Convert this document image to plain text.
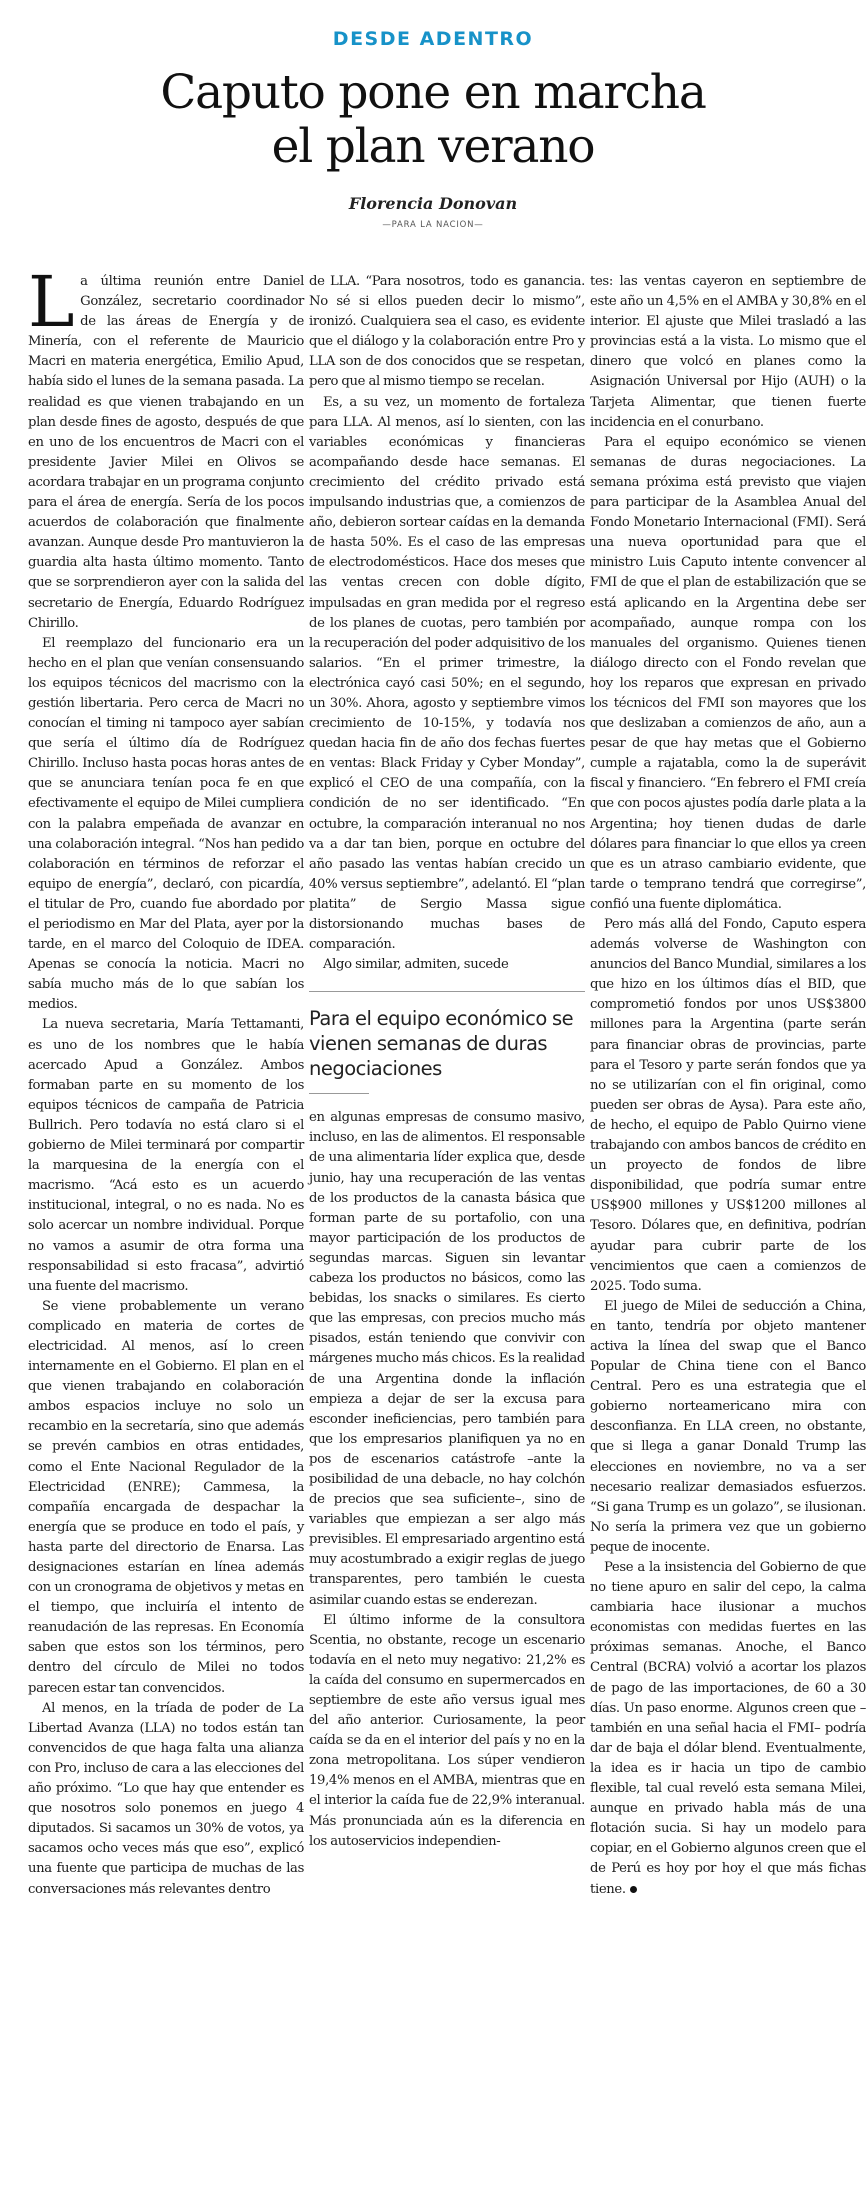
DESDE ADENTRO
Caputo pone en marcha
el plan verano
Florencia Donovan
—PARA LA NACION—

La última reunión entre Daniel González, secretario coordinador de las áreas de Energía y de Minería, con el referente de Mauricio Macri en materia energética, Emilio Apud, había sido el lunes de la semana pasada. La realidad es que vienen trabajando en un plan desde fines de agosto, después de que en uno de los encuentros de Macri con el presidente Javier Milei en Olivos se acordara trabajar en un programa conjunto para el área de energía. Sería de los pocos acuerdos de colaboración que finalmente avanzan. Aunque desde Pro mantuvieron la guardia alta hasta último momento. Tanto que se sorprendieron ayer con la salida del secretario de Energía, Eduardo Rodríguez Chirillo.

El reemplazo del funcionario era un hecho en el plan que venían consensuando los equipos técnicos del macrismo con la gestión libertaria. Pero cerca de Macri no conocían el timing ni tampoco ayer sabían que sería el último día de Rodríguez Chirillo. Incluso hasta pocas horas antes de que se anunciara tenían poca fe en que efectivamente el equipo de Milei cumpliera con la palabra empeñada de avanzar en una colaboración integral. “Nos han pedido colaboración en términos de reforzar el equipo de energía”, declaró, con picardía, el titular de Pro, cuando fue abordado por el periodismo en Mar del Plata, ayer por la tarde, en el marco del Coloquio de IDEA. Apenas se conocía la noticia. Macri no sabía mucho más de lo que sabían los medios.

La nueva secretaria, María Tettamanti, es uno de los nombres que le había acercado Apud a González. Ambos formaban parte en su momento de los equipos técnicos de campaña de Patricia Bullrich. Pero todavía no está claro si el gobierno de Milei terminará por compartir la marquesina de la energía con el macrismo. “Acá esto es un acuerdo institucional, integral, o no es nada. No es solo acercar un nombre individual. Porque no vamos a asumir de otra forma una responsabilidad si esto fracasa”, advirtió una fuente del macrismo.

Se viene probablemente un verano complicado en materia de cortes de electricidad. Al menos, así lo creen internamente en el Gobierno. El plan en el que vienen trabajando en colaboración ambos espacios incluye no solo un recambio en la secretaría, sino que además se prevén cambios en otras entidades, como el Ente Nacional Regulador de la Electricidad (ENRE); Cammesa, la compañía encargada de despachar la energía que se produce en todo el país, y hasta parte del directorio de Enarsa. Las designaciones estarían en línea además con un cronograma de objetivos y metas en el tiempo, que incluiría el intento de reanudación de las represas. En Economía saben que estos son los términos, pero dentro del círculo de Milei no todos parecen estar tan convencidos.

Al menos, en la tríada de poder de La Libertad Avanza (LLA) no todos están tan convencidos de que haga falta una alianza con Pro, incluso de cara a las elecciones del año próximo. “Lo que hay que entender es que nosotros solo ponemos en juego 4 diputados. Si sacamos un 30% de votos, ya sacamos ocho veces más que eso”, explicó una fuente que participa de muchas de las conversaciones más relevantes dentro

de LLA. “Para nosotros, todo es ganancia. No sé si ellos pueden decir lo mismo”, ironizó. Cualquiera sea el caso, es evidente que el diálogo y la colaboración entre Pro y LLA son de dos conocidos que se respetan, pero que al mismo tiempo se recelan.

Es, a su vez, un momento de fortaleza para LLA. Al menos, así lo sienten, con las variables económicas y financieras acompañando desde hace semanas. El crecimiento del crédito privado está impulsando industrias que, a comienzos de año, debieron sortear caídas en la demanda de hasta 50%. Es el caso de las empresas de electrodomésticos. Hace dos meses que las ventas crecen con doble dígito, impulsadas en gran medida por el regreso de los planes de cuotas, pero también por la recuperación del poder adquisitivo de los salarios. “En el primer trimestre, la electrónica cayó casi 50%; en el segundo, un 30%. Ahora, agosto y septiembre vimos crecimiento de 10-15%, y todavía nos quedan hacia fin de año dos fechas fuertes en ventas: Black Friday y Cyber Monday”, explicó el CEO de una compañía, con la condición de no ser identificado. “En octubre, la comparación interanual no nos va a dar tan bien, porque en octubre del año pasado las ventas habían crecido un 40% versus septiembre”, adelantó. El “plan platita” de Sergio Massa sigue distorsionando muchas bases de comparación.

Algo similar, admiten, sucede

Para el equipo económico se vienen semanas de duras negociaciones

en algunas empresas de consumo masivo, incluso, en las de alimentos. El responsable de una alimentaria líder explica que, desde junio, hay una recuperación de las ventas de los productos de la canasta básica que forman parte de su portafolio, con una mayor participación de los productos de segundas marcas. Siguen sin levantar cabeza los productos no básicos, como las bebidas, los snacks o similares. Es cierto que las empresas, con precios mucho más pisados, están teniendo que convivir con márgenes mucho más chicos. Es la realidad de una Argentina donde la inflación empieza a dejar de ser la excusa para esconder ineficiencias, pero también para que los empresarios planifiquen ya no en pos de escenarios catástrofe –ante la posibilidad de una debacle, no hay colchón de precios que sea suficiente–, sino de variables que empiezan a ser algo más previsibles. El empresariado argentino está muy acostumbrado a exigir reglas de juego transparentes, pero también le cuesta asimilar cuando estas se enderezan.

El último informe de la consultora Scentia, no obstante, recoge un escenario todavía en el neto muy negativo: 21,2% es la caída del consumo en supermercados en septiembre de este año versus igual mes del año anterior. Curiosamente, la peor caída se da en el interior del país y no en la zona metropolitana. Los súper vendieron 19,4% menos en el AMBA, mientras que en el interior la caída fue de 22,9% interanual. Más pronunciada aún es la diferencia en los autoservicios independien-

tes: las ventas cayeron en septiembre de este año un 4,5% en el AMBA y 30,8% en el interior. El ajuste que Milei trasladó a las provincias está a la vista. Lo mismo que el dinero que volcó en planes como la Asignación Universal por Hijo (AUH) o la Tarjeta Alimentar, que tienen fuerte incidencia en el conurbano.

Para el equipo económico se vienen semanas de duras negociaciones. La semana próxima está previsto que viajen para participar de la Asamblea Anual del Fondo Monetario Internacional (FMI). Será una nueva oportunidad para que el ministro Luis Caputo intente convencer al FMI de que el plan de estabilización que se está aplicando en la Argentina debe ser acompañado, aunque rompa con los manuales del organismo. Quienes tienen diálogo directo con el Fondo revelan que hoy los reparos que expresan en privado los técnicos del FMI son mayores que los que deslizaban a comienzos de año, aun a pesar de que hay metas que el Gobierno cumple a rajatabla, como la de superávit fiscal y financiero. “En febrero el FMI creía que con pocos ajustes podía darle plata a la Argentina; hoy tienen dudas de darle dólares para financiar lo que ellos ya creen que es un atraso cambiario evidente, que tarde o temprano tendrá que corregirse”, confió una fuente diplomática.

Pero más allá del Fondo, Caputo espera además volverse de Washington con anuncios del Banco Mundial, similares a los que hizo en los últimos días el BID, que comprometió fondos por unos US$3800 millones para la Argentina (parte serán para financiar obras de provincias, parte para el Tesoro y parte serán fondos que ya no se utilizarían con el fin original, como pueden ser obras de Aysa). Para este año, de hecho, el equipo de Pablo Quirno viene trabajando con ambos bancos de crédito en un proyecto de fondos de libre disponibilidad, que podría sumar entre US$900 millones y US$1200 millones al Tesoro. Dólares que, en definitiva, podrían ayudar para cubrir parte de los vencimientos que caen a comienzos de 2025. Todo suma.

El juego de Milei de seducción a China, en tanto, tendría por objeto mantener activa la línea del swap que el Banco Popular de China tiene con el Banco Central. Pero es una estrategia que el gobierno norteamericano mira con desconfianza. En LLA creen, no obstante, que si llega a ganar Donald Trump las elecciones en noviembre, no va a ser necesario realizar demasiados esfuerzos. “Si gana Trump es un golazo”, se ilusionan. No sería la primera vez que un gobierno peque de inocente.

Pese a la insistencia del Gobierno de que no tiene apuro en salir del cepo, la calma cambiaria hace ilusionar a muchos economistas con medidas fuertes en las próximas semanas. Anoche, el Banco Central (BCRA) volvió a acortar los plazos de pago de las importaciones, de 60 a 30 días. Un paso enorme. Algunos creen que –también en una señal hacia el FMI– podría dar de baja el dólar blend. Eventualmente, la idea es ir hacia un tipo de cambio flexible, tal cual reveló esta semana Milei, aunque en privado habla más de una flotación sucia. Si hay un modelo para copiar, en el Gobierno algunos creen que el de Perú es hoy por hoy el que más fichas tiene.
